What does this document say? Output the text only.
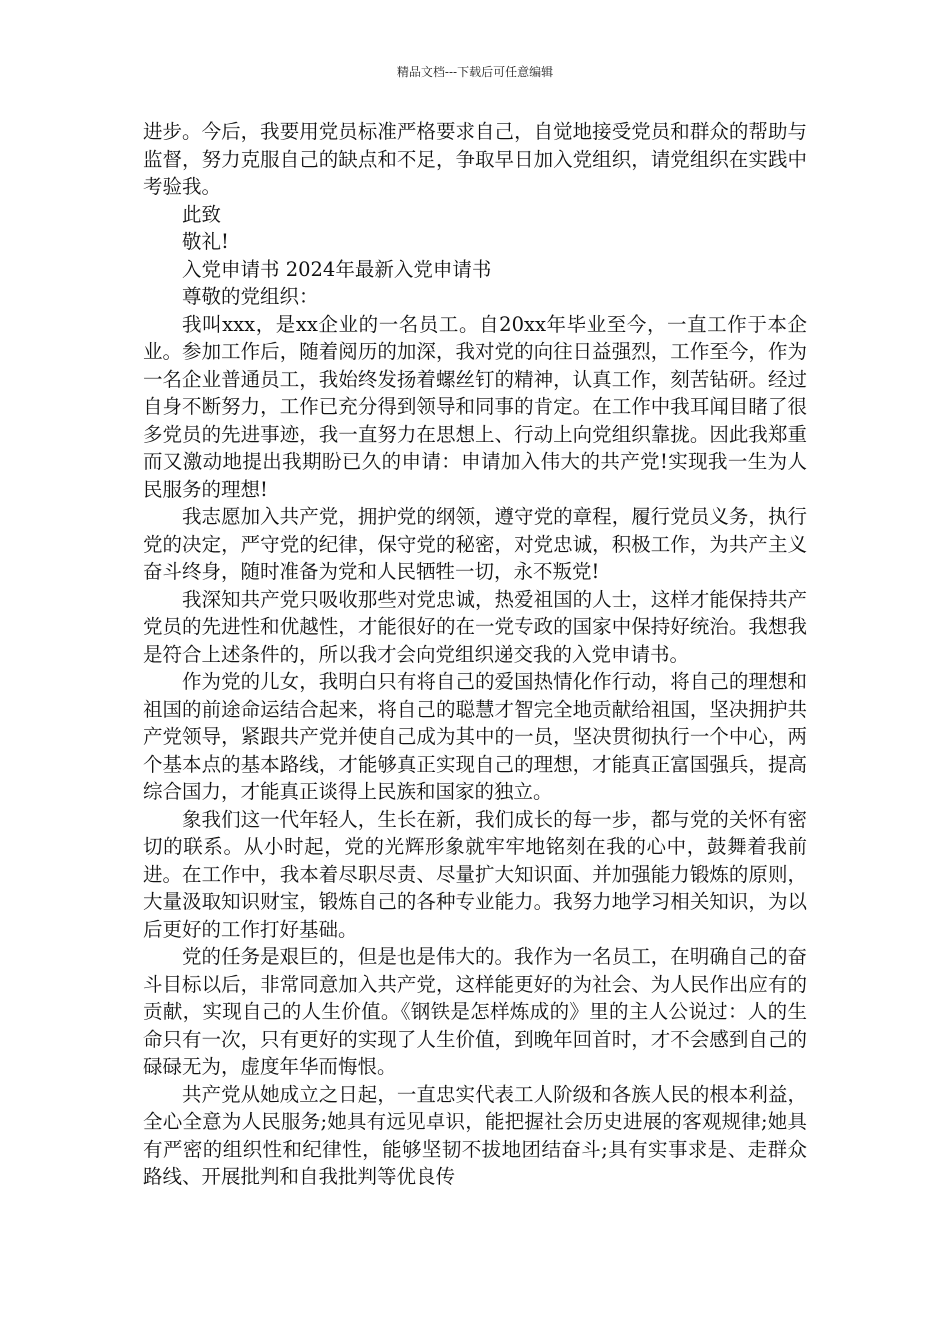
精品文档---下载后可任意编辑

进步。今后，我要用党员标准严格要求自己，自觉地接受党员和群众的帮助与监督，努力克服自己的缺点和不足，争取早日加入党组织，请党组织在实践中考验我。

此致

敬礼!

入党申请书 2024年最新入党申请书

尊敬的党组织：

我叫xxx，是xx企业的一名员工。自20xx年毕业至今，一直工作于本企业。参加工作后，随着阅历的加深，我对党的向往日益强烈，工作至今，作为一名企业普通员工，我始终发扬着螺丝钉的精神，认真工作，刻苦钻研。经过自身不断努力，工作已充分得到领导和同事的肯定。在工作中我耳闻目睹了很多党员的先进事迹，我一直努力在思想上、行动上向党组织靠拢。因此我郑重而又激动地提出我期盼已久的申请：申请加入伟大的共产党!实现我一生为人民服务的理想!

我志愿加入共产党，拥护党的纲领，遵守党的章程，履行党员义务，执行党的决定，严守党的纪律，保守党的秘密，对党忠诚，积极工作，为共产主义奋斗终身，随时准备为党和人民牺牲一切，永不叛党!

我深知共产党只吸收那些对党忠诚，热爱祖国的人士，这样才能保持共产党员的先进性和优越性，才能很好的在一党专政的国家中保持好统治。我想我是符合上述条件的，所以我才会向党组织递交我的入党申请书。

作为党的儿女，我明白只有将自己的爱国热情化作行动，将自己的理想和祖国的前途命运结合起来，将自己的聪慧才智完全地贡献给祖国，坚决拥护共产党领导，紧跟共产党并使自己成为其中的一员，坚决贯彻执行一个中心，两个基本点的基本路线，才能够真正实现自己的理想，才能真正富国强兵，提高综合国力，才能真正谈得上民族和国家的独立。

象我们这一代年轻人，生长在新，我们成长的每一步，都与党的关怀有密切的联系。从小时起，党的光辉形象就牢牢地铭刻在我的心中，鼓舞着我前进。在工作中，我本着尽职尽责、尽量扩大知识面、并加强能力锻炼的原则，大量汲取知识财宝，锻炼自己的各种专业能力。我努力地学习相关知识，为以后更好的工作打好基础。

党的任务是艰巨的，但是也是伟大的。我作为一名员工，在明确自己的奋斗目标以后，非常同意加入共产党，这样能更好的为社会、为人民作出应有的贡献，实现自己的人生价值。《钢铁是怎样炼成的》里的主人公说过：人的生命只有一次，只有更好的实现了人生价值，到晚年回首时，才不会感到自己的碌碌无为，虚度年华而悔恨。

共产党从她成立之日起，一直忠实代表工人阶级和各族人民的根本利益，全心全意为人民服务;她具有远见卓识，能把握社会历史进展的客观规律;她具有严密的组织性和纪律性，能够坚韧不拔地团结奋斗;具有实事求是、走群众路线、开展批判和自我批判等优良传
